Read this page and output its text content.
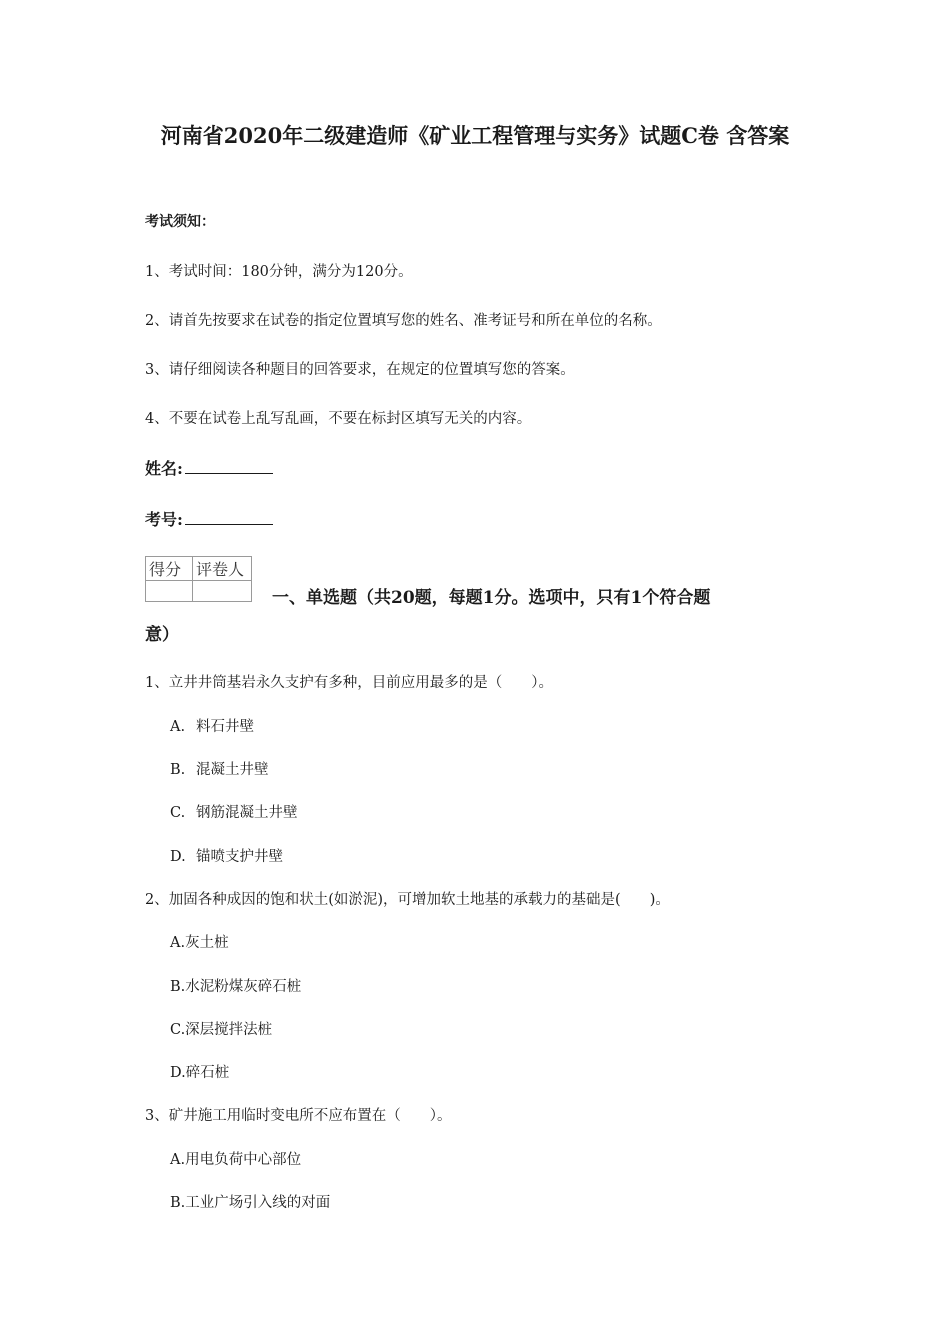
河南省2020年二级建造师《矿业工程管理与实务》试题C卷 含答案
考试须知：
1、考试时间：180分钟，满分为120分。
2、请首先按要求在试卷的指定位置填写您的姓名、准考证号和所在单位的名称。
3、请仔细阅读各种题目的回答要求，在规定的位置填写您的答案。
4、不要在试卷上乱写乱画，不要在标封区填写无关的内容。
姓名:
考号:
得分	评卷人

一、单选题（共20题，每题1分。选项中，只有1个符合题
意）
1、立井井筒基岩永久支护有多种，目前应用最多的是（　　）。
A. 料石井壁
B. 混凝土井壁
C. 钢筋混凝土井壁
D. 锚喷支护井壁
2、加固各种成因的饱和状土(如淤泥)，可增加软土地基的承载力的基础是(　　)。
A.灰土桩
B.水泥粉煤灰碎石桩
C.深层搅拌法桩
D.碎石桩
3、矿井施工用临时变电所不应布置在（　　）。
A.用电负荷中心部位
B.工业广场引入线的对面
